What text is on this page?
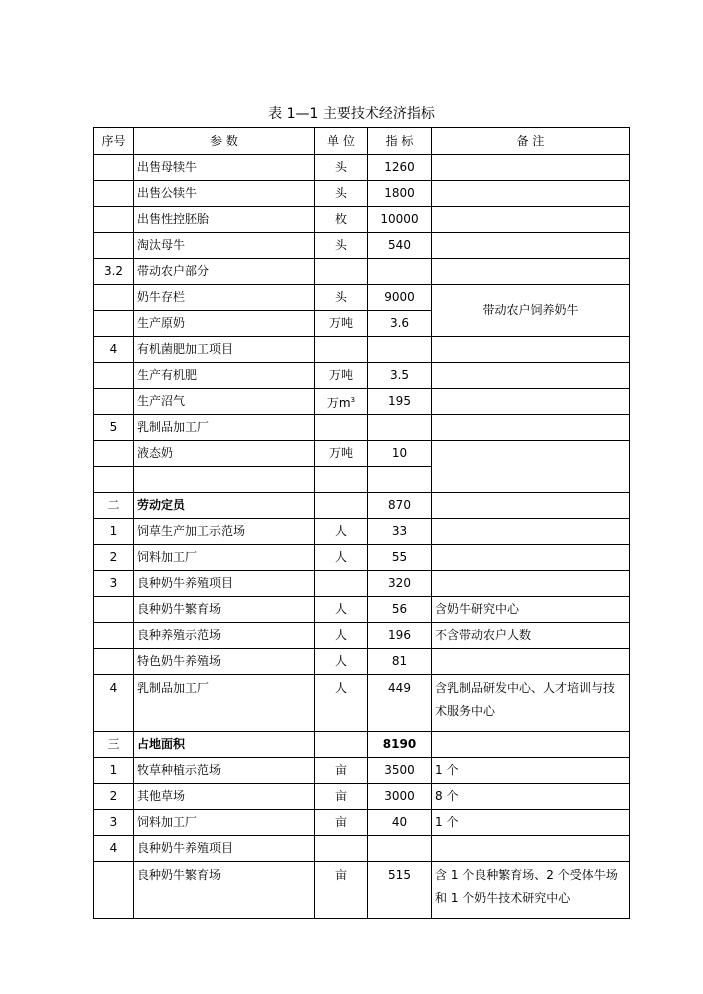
表 1—1 主要技术经济指标
序号	参 数	单 位	指 标	备 注
	出售母犊牛	头	1260	
	出售公犊牛	头	1800	
	出售性控胚胎	枚	10000	
	淘汰母牛	头	540	
3.2	带动农户部分			
	奶牛存栏	头	9000	带动农户饲养奶牛
	生产原奶	万吨	3.6	
4	有机菌肥加工项目			
	生产有机肥	万吨	3.5	
	生产沼气	万$m^3$	195	
5	乳制品加工厂			
	液态奶	万吨	10	

二	劳动定员		870	
1	饲草生产加工示范场	人	33	
2	饲料加工厂	人	55	
3	良种奶牛养殖项目		320	
	良种奶牛繁育场	人	56	含奶牛研究中心
	良种养殖示范场	人	196	不含带动农户人数
	特色奶牛养殖场	人	81	
4	乳制品加工厂	人	449	含乳制品研发中心、人才培训与技术服务中心
三	占地面积		8190	
1	牧草种植示范场	亩	3500	1 个
2	其他草场	亩	3000	8 个
3	饲料加工厂	亩	40	1 个
4	良种奶牛养殖项目			
	良种奶牛繁育场	亩	515	含 1 个良种繁育场、2 个受体牛场和 1 个奶牛技术研究中心
